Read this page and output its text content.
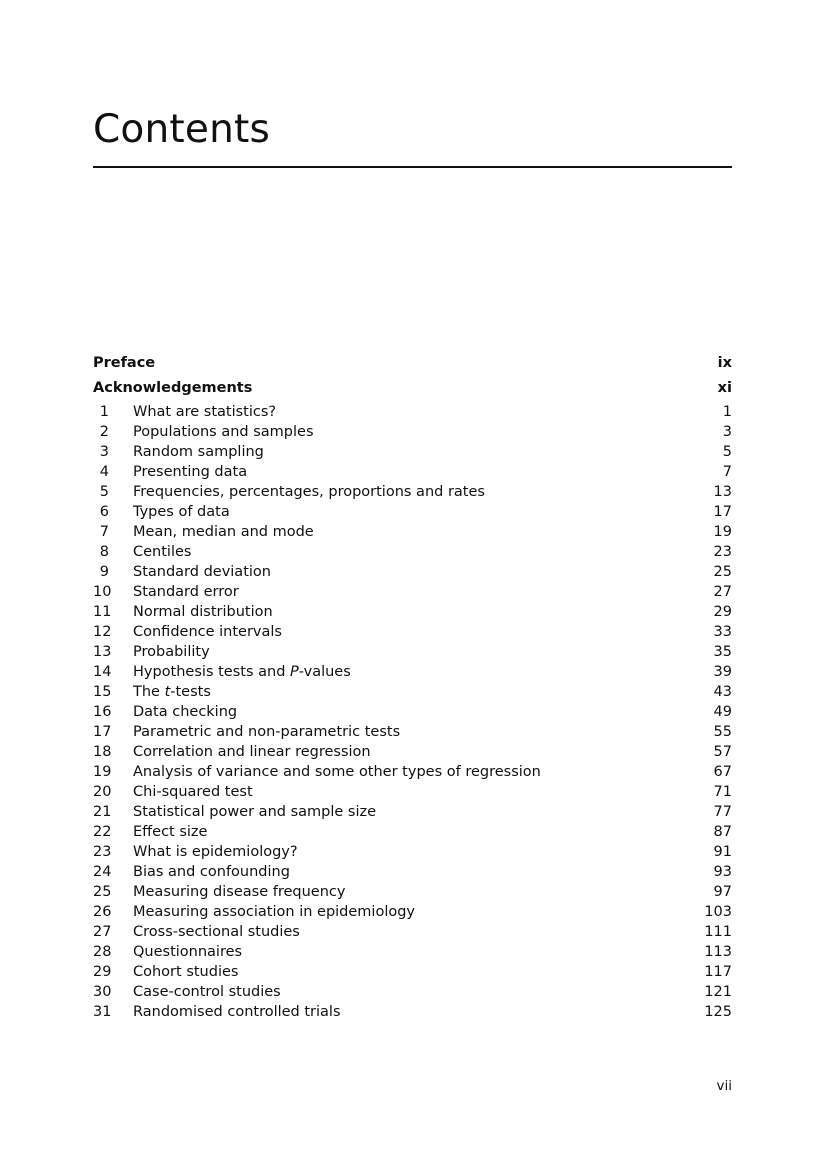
Contents
Preface	ix
Acknowledgements	xi
1	What are statistics?	1
2	Populations and samples	3
3	Random sampling	5
4	Presenting data	7
5	Frequencies, percentages, proportions and rates	13
6	Types of data	17
7	Mean, median and mode	19
8	Centiles	23
9	Standard deviation	25
10	Standard error	27
11	Normal distribution	29
12	Confidence intervals	33
13	Probability	35
14	Hypothesis tests and P-values	39
15	The t-tests	43
16	Data checking	49
17	Parametric and non-parametric tests	55
18	Correlation and linear regression	57
19	Analysis of variance and some other types of regression	67
20	Chi-squared test	71
21	Statistical power and sample size	77
22	Effect size	87
23	What is epidemiology?	91
24	Bias and confounding	93
25	Measuring disease frequency	97
26	Measuring association in epidemiology	103
27	Cross-sectional studies	111
28	Questionnaires	113
29	Cohort studies	117
30	Case-control studies	121
31	Randomised controlled trials	125
vii
